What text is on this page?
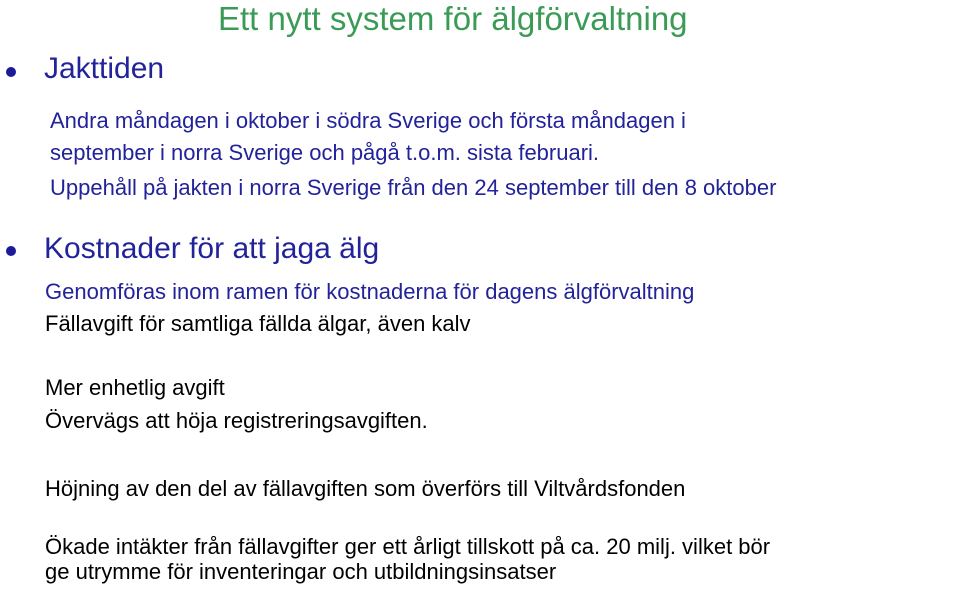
Ett nytt system för älgförvaltning
Jakttiden
Andra måndagen i oktober i södra Sverige och första måndagen i
september i norra Sverige och pågå t.o.m. sista februari.
Uppehåll på jakten i norra Sverige från den 24 september till den 8 oktober
Kostnader för att jaga älg
Genomföras inom ramen för kostnaderna för dagens älgförvaltning
Fällavgift för samtliga fällda älgar, även kalv
Mer enhetlig avgift
Övervägs att höja registreringsavgiften.
Höjning av den del av fällavgiften som överförs till Viltvårdsfonden
Ökade intäkter från fällavgifter ger ett årligt tillskott på ca. 20 milj. vilket bör
ge utrymme för inventeringar och utbildningsinsatser
